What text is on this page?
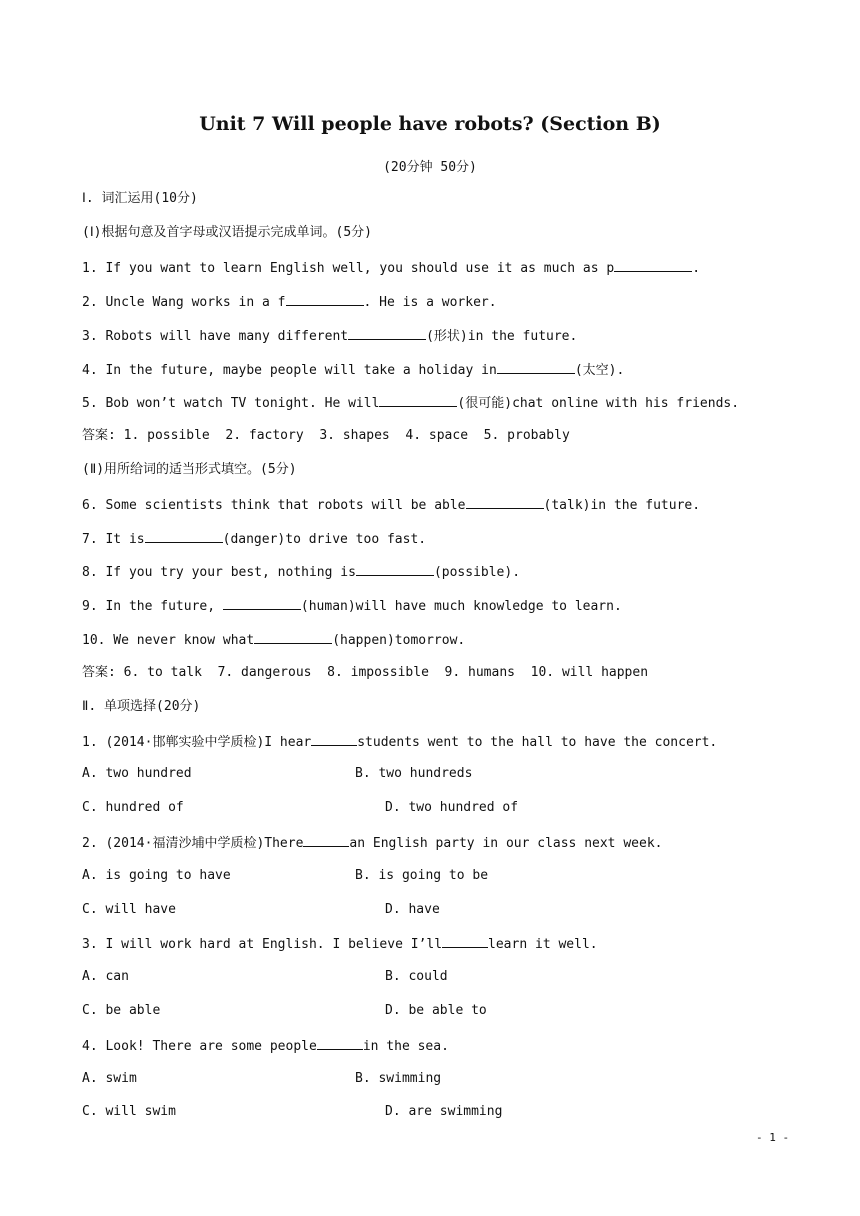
Unit 7 Will people have robots? (Section B)
(20分钟 50分)
Ⅰ. 词汇运用(10分)
(Ⅰ)根据句意及首字母或汉语提示完成单词。(5分)
1. If you want to learn English well, you should use it as much as p	.
2. Uncle Wang works in a f	. He is a worker.
3. Robots will have many different	(形状)in the future.
4. In the future, maybe people will take a holiday in	(太空).
5. Bob won’t watch TV tonight. He will	(很可能)chat online with his friends.
答案: 1. possible  2. factory  3. shapes  4. space  5. probably
(Ⅱ)用所给词的适当形式填空。(5分)
6. Some scientists think that robots will be able	(talk)in the future.
7. It is	(danger)to drive too fast.
8. If you try your best, nothing is	(possible).
9. In the future,	(human)will have much knowledge to learn.
10. We never know what	(happen)tomorrow.
答案: 6. to talk  7. dangerous  8. impossible  9. humans  10. will happen
Ⅱ. 单项选择(20分)
1. (2014·邯郸实验中学质检)I hear	students went to the hall to have the concert.
A. two hundred	B. two hundreds
C. hundred of	D. two hundred of
2. (2014·福清沙埔中学质检)There	an English party in our class next week.
A. is going to have	B. is going to be
C. will have	D. have
3. I will work hard at English. I believe I’ll	learn it well.
A. can	B. could
C. be able	D. be able to
4. Look! There are some people	in the sea.
A. swim	B. swimming
C. will swim	D. are swimming
- 1 -
